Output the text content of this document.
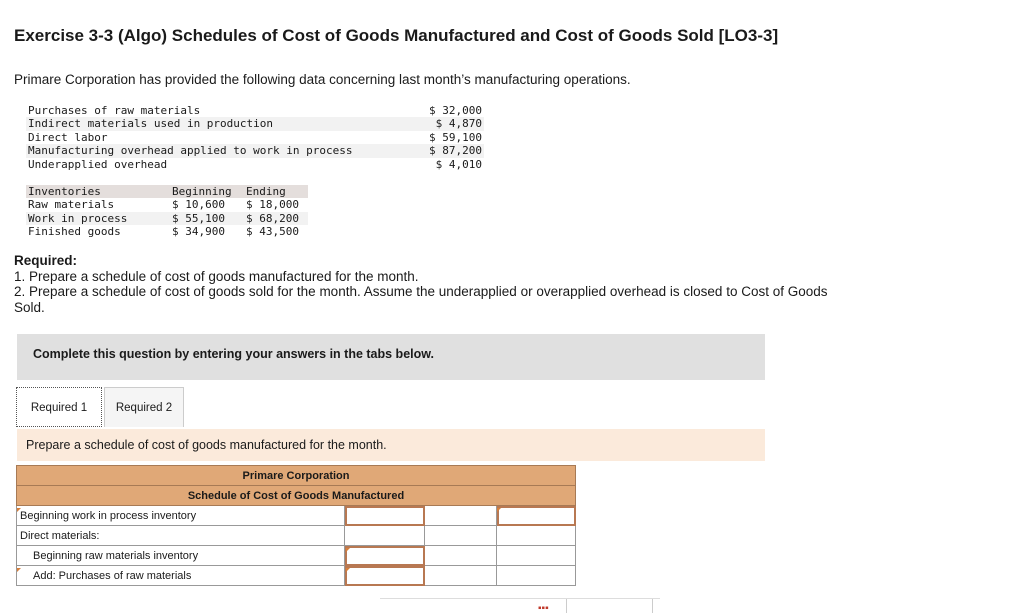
Exercise 3-3 (Algo) Schedules of Cost of Goods Manufactured and Cost of Goods Sold [LO3-3]

Primare Corporation has provided the following data concerning last month’s manufacturing operations.

Purchases of raw materials	$ 32,000
Indirect materials used in production	$ 4,870
Direct labor	$ 59,100
Manufacturing overhead applied to work in process	$ 87,200
Underapplied overhead	$ 4,010
Inventories	Beginning	Ending
Raw materials	$ 10,600	$ 18,000
Work in process	$ 55,100	$ 68,200
Finished goods	$ 34,900	$ 43,500
Required:
1. Prepare a schedule of cost of goods manufactured for the month.
2. Prepare a schedule of cost of goods sold for the month. Assume the underapplied or overapplied overhead is closed to Cost of Goods Sold.
Complete this question by entering your answers in the tabs below.
Required 1	Required 2
Prepare a schedule of cost of goods manufactured for the month.
Primare Corporation			
Schedule of Cost of Goods Manufactured			
Beginning work in process inventory			
Direct materials:			
Beginning raw materials inventory			
Add: Purchases of raw materials			
▪▪▪
